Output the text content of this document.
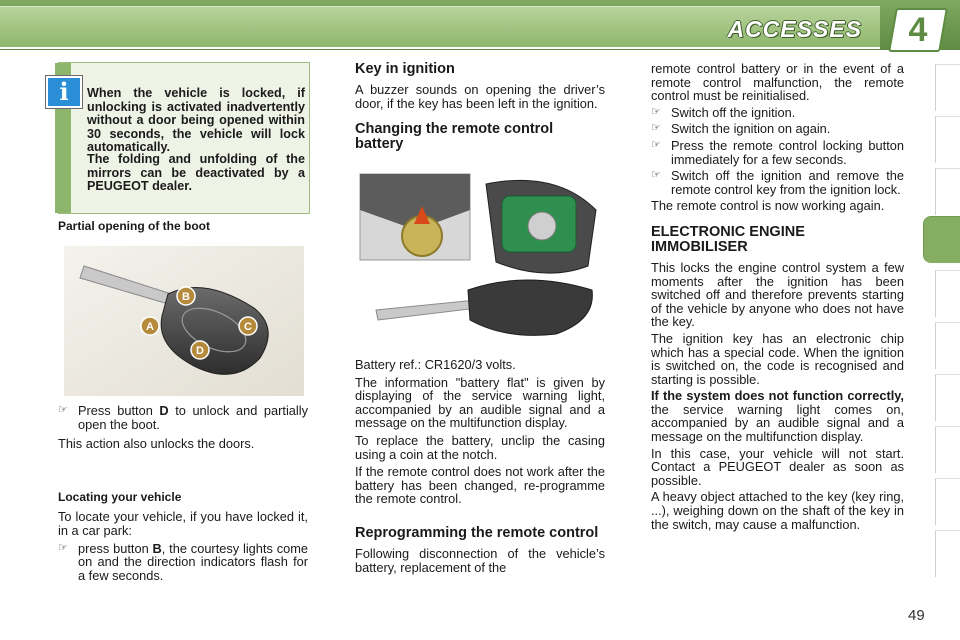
ACCESSES	4

When the vehicle is locked, if unlocking is activated inadvertently without a door being opened within 30 seconds, the vehicle will lock automatically.

The folding and unfolding of the mirrors can be deactivated by a PEUGEOT dealer.

i

Partial opening of the boot

A
B
C
D
☞ Press button D to unlock and partially open the boot.

This action also unlocks the doors.

Locating your vehicle

To locate your vehicle, if you have locked it, in a car park:

☞ press button B, the courtesy lights come on and the direction indicators flash for a few seconds.

Key in ignition

A buzzer sounds on opening the driver’s door, if the key has been left in the ignition.

Changing the remote control battery

Battery ref.: CR1620/3 volts.

The information "battery flat" is given by displaying of the service warning light, accompanied by an audible signal and a message on the multifunction display.

To replace the battery, unclip the casing using a coin at the notch.

If the remote control does not work after the battery has been changed, re-programme the remote control.

Reprogramming the remote control

Following disconnection of the vehicle’s battery, replacement of the

remote control battery or in the event of a remote control malfunction, the remote control must be reinitialised.

☞ Switch off the ignition.
☞ Switch the ignition on again.
☞ Press the remote control locking button immediately for a few seconds.
☞ Switch off the ignition and remove the remote control key from the ignition lock.

The remote control is now working again.

ELECTRONIC ENGINE IMMOBILISER

This locks the engine control system a few moments after the ignition has been switched off and therefore prevents starting of the vehicle by anyone who does not have the key.

The ignition key has an electronic chip which has a special code. When the ignition is switched on, the code is recognised and starting is possible.

If the system does not function correctly, the service warning light comes on, accompanied by an audible signal and a message on the multifunction display.

In this case, your vehicle will not start. Contact a PEUGEOT dealer as soon as possible.

A heavy object attached to the key (key ring, ...), weighing down on the shaft of the key in the switch, may cause a malfunction.

49
